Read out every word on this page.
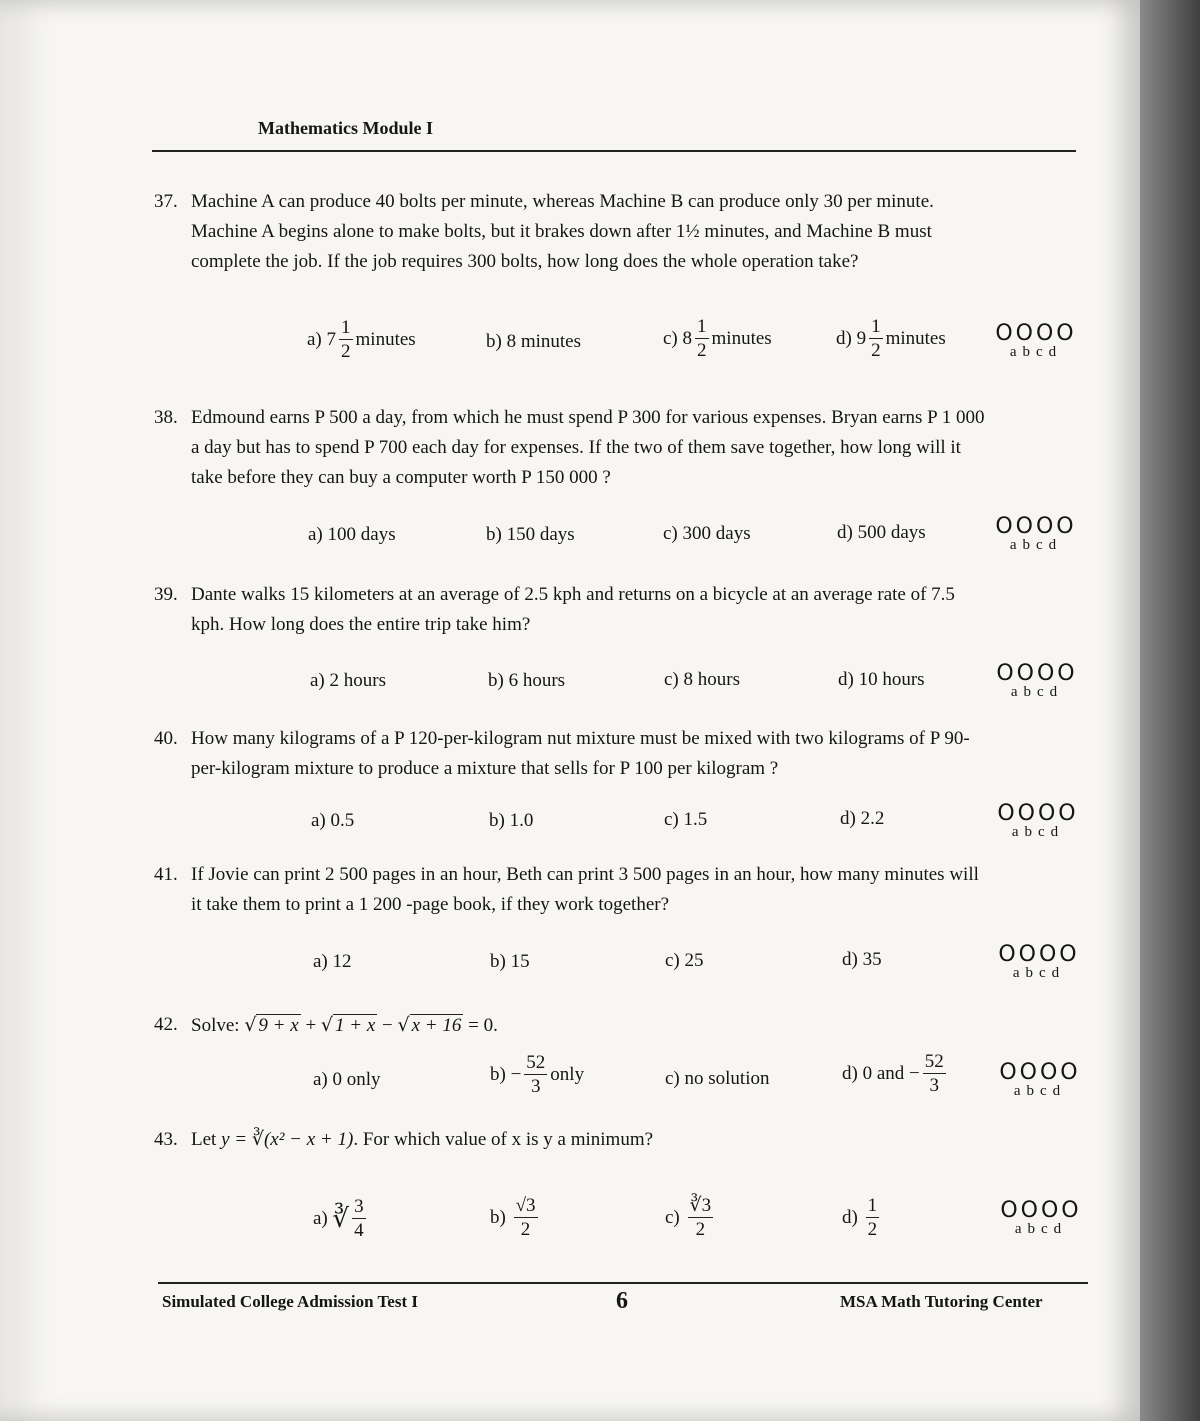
Mathematics Module I
37. Machine A can produce 40 bolts per minute, whereas Machine B can produce only 30 per minute. Machine A begins alone to make bolts, but it brakes down after 1½ minutes, and Machine B must complete the job. If the job requires 300 bolts, how long does the whole operation take?
a)
$7 \frac{1}{2}$ minutes	b) 8 minutes	c)
$8 \frac{1}{2}$ minutes	d)
$9 \frac{1}{2}$ minutes	OOOO
abcd
38. Edmound earns P 500 a day, from which he must spend P 300 for various expenses. Bryan earns P 1 000 a day but has to spend P 700 each day for expenses. If the two of them save together, how long will it take before they can buy a computer worth P 150 000 ?
a) 100 days	b) 150 days	c) 300 days	d) 500 days	OOOO
abcd
39. Dante walks 15 kilometers at an average of 2.5 kph and returns on a bicycle at an average rate of 7.5 kph. How long does the entire trip take him?
a) 2 hours	b) 6 hours	c) 8 hours	d) 10 hours	OOOO
abcd
40. How many kilograms of a P 120-per-kilogram nut mixture must be mixed with two kilograms of P 90-per-kilogram mixture to produce a mixture that sells for P 100 per kilogram ?
a) 0.5	b) 1.0	c) 1.5	d) 2.2	OOOO
abcd
41. If Jovie can print 2 500 pages in an hour, Beth can print 3 500 pages in an hour, how many minutes will it take them to print a 1 200 -page book, if they work together?
a) 12	b) 15	c) 25	d) 35	OOOO
abcd
42. Solve: √ 9 + x + √ 1 + x − √ x + 16 = 0.
a) 0 only	$b) - \frac{52}{3}$ only	c) no solution	d) 0 and − $\frac{52}{3}$	OOOO
abcd
43. Let y = ∛(x² − x + 1). For which value of x is y a minimum?
a)
∛ $\frac{3}{4}$	b)
$\frac{√3}{2}$	c)
$\frac{∛3}{2}$	d)
$\frac{1}{2}$	OOOO
abcd
Simulated College Admission Test I	6	MSA Math Tutoring Center
